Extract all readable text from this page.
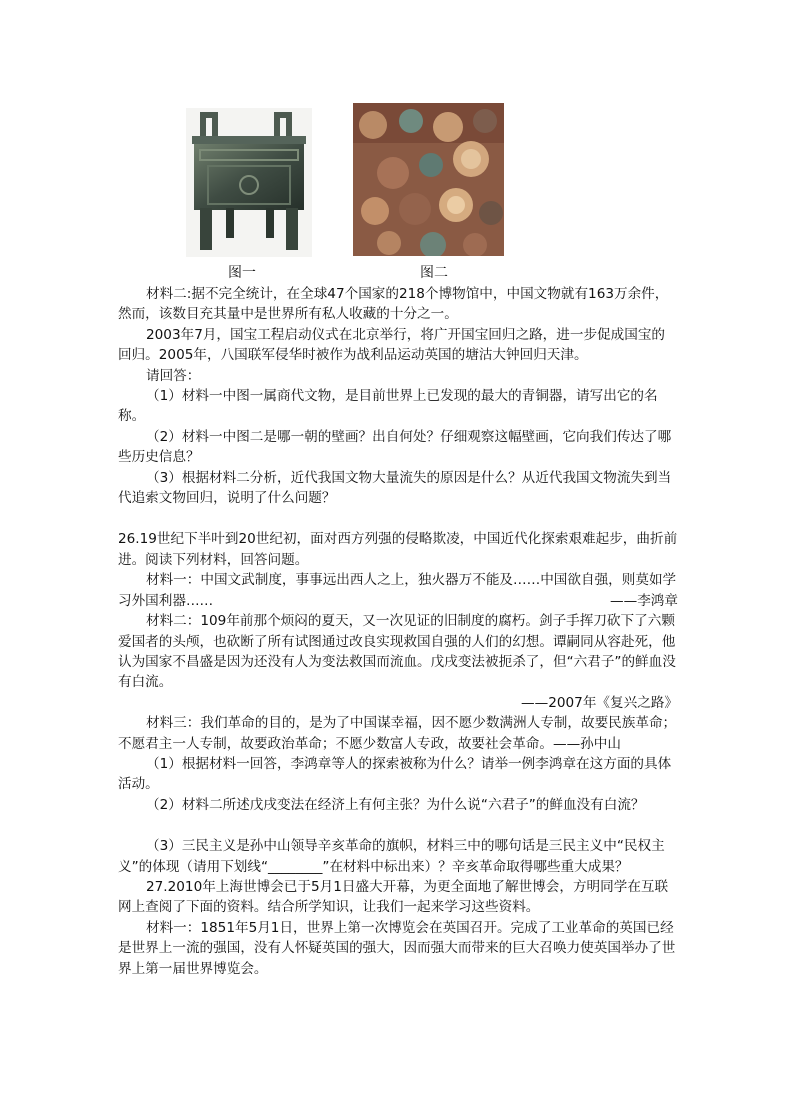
图一	图二

材料二:据不完全统计，在全球47个国家的218个博物馆中，中国文物就有163万余件，然而，该数目充其量中是世界所有私人收藏的十分之一。

2003年7月，国宝工程启动仪式在北京举行，将广开国宝回归之路，进一步促成国宝的回归。2005年，八国联军侵华时被作为战利品运动英国的塘沽大钟回归天津。

请回答：

（1）材料一中图一属商代文物，是目前世界上已发现的最大的青铜器，请写出它的名称。

（2）材料一中图二是哪一朝的壁画？出自何处？仔细观察这幅壁画，它向我们传达了哪些历史信息？

（3）根据材料二分析，近代我国文物大量流失的原因是什么？从近代我国文物流失到当代追索文物回归，说明了什么问题？

26.19世纪下半叶到20世纪初，面对西方列强的侵略欺凌，中国近代化探索艰难起步，曲折前进。阅读下列材料，回答问题。

材料一：中国文武制度，事事远出西人之上，独火器万不能及……中国欲自强，则莫如学习外国利器……	——李鸿章

材料二：109年前那个烦闷的夏天，又一次见证的旧制度的腐朽。剑子手挥刀砍下了六颗爱国者的头颅，也砍断了所有试图通过改良实现救国自强的人们的幻想。谭嗣同从容赴死，他认为国家不昌盛是因为还没有人为变法救国而流血。戊戌变法被扼杀了，但“六君子”的鲜血没有白流。

——2007年《复兴之路》

材料三：我们革命的目的，是为了中国谋幸福，因不愿少数满洲人专制，故要民族革命；不愿君主一人专制，故要政治革命；不愿少数富人专政，故要社会革命。——孙中山

（1）根据材料一回答，李鸿章等人的探索被称为什么？请举一例李鸿章在这方面的具体活动。

（2）材料二所述戊戌变法在经济上有何主张？为什么说“六君子”的鲜血没有白流？

（3）三民主义是孙中山领导辛亥革命的旗帜，材料三中的哪句话是三民主义中“民权主义”的体现（请用下划线“________”在材料中标出来）？辛亥革命取得哪些重大成果？

27.2010年上海世博会已于5月1日盛大开幕，为更全面地了解世博会，方明同学在互联网上查阅了下面的资料。结合所学知识，让我们一起来学习这些资料。

材料一：1851年5月1日，世界上第一次博览会在英国召开。完成了工业革命的英国已经是世界上一流的强国，没有人怀疑英国的强大，因而强大而带来的巨大召唤力使英国举办了世界上第一届世界博览会。
